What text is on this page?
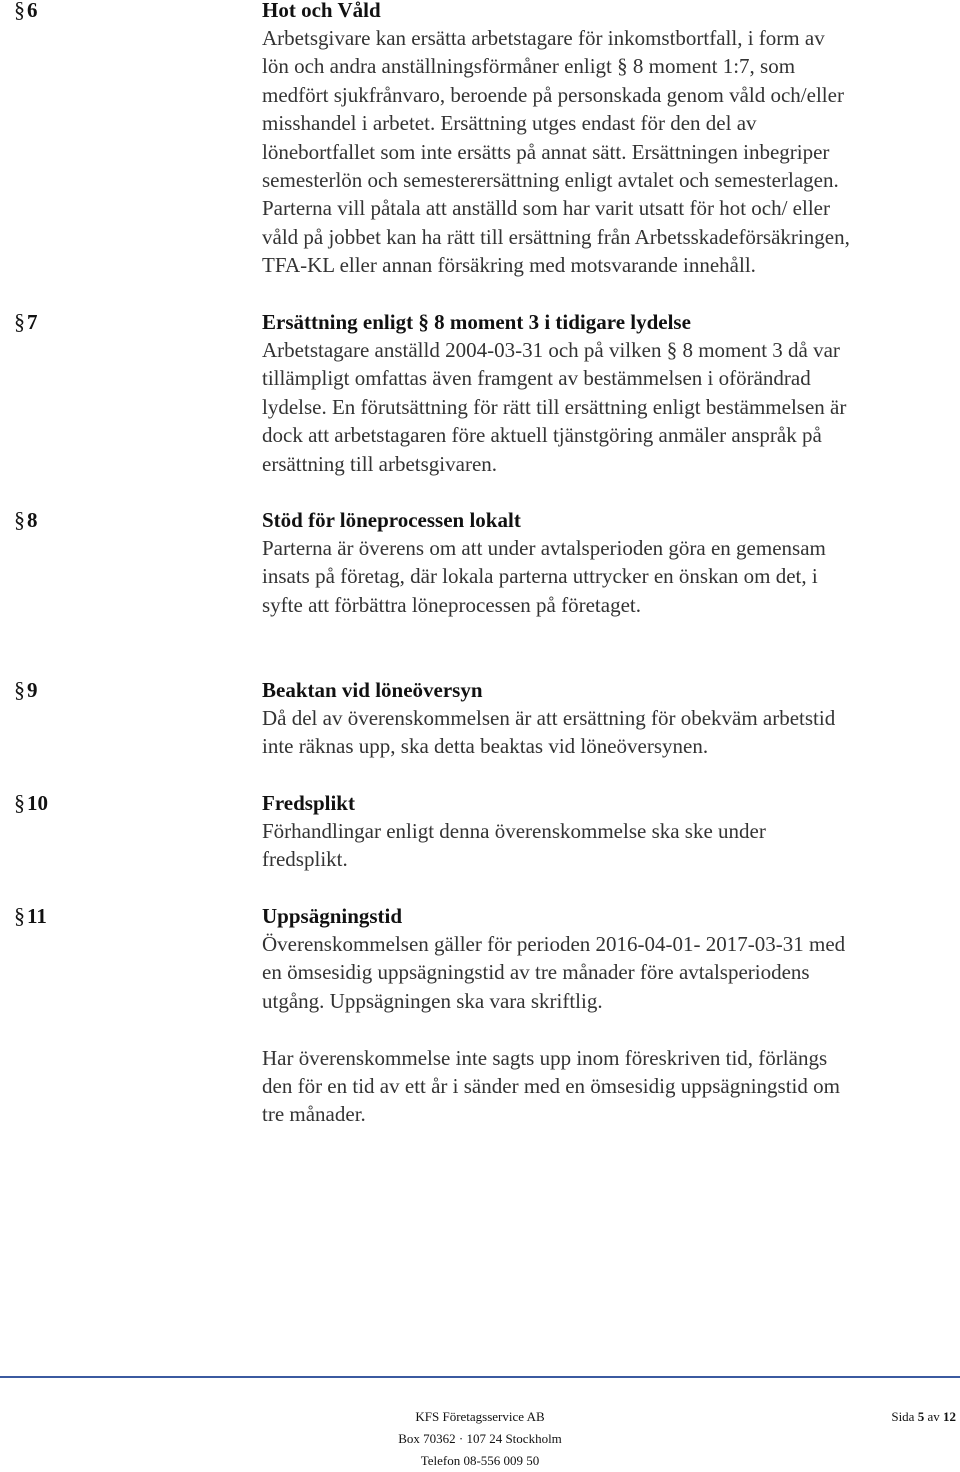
§6	Hot och Våld
Arbetsgivare kan ersätta arbetstagare för inkomstbortfall, i form av
lön och andra anställningsförmåner enligt § 8 moment 1:7, som
medfört sjukfrånvaro, beroende på personskada genom våld och/eller
misshandel i arbetet. Ersättning utges endast för den del av
lönebortfallet som inte ersätts på annat sätt. Ersättningen inbegriper
semesterlön och semesterersättning enligt avtalet och semesterlagen.
Parterna vill påtala att anställd som har varit utsatt för hot och/ eller
våld på jobbet kan ha rätt till ersättning från Arbetsskadeförsäkringen,
TFA-KL eller annan försäkring med motsvarande innehåll.
§7	Ersättning enligt § 8 moment 3 i tidigare lydelse
Arbetstagare anställd 2004-03-31 och på vilken § 8 moment 3 då var
tillämpligt omfattas även framgent av bestämmelsen i oförändrad
lydelse. En förutsättning för rätt till ersättning enligt bestämmelsen är
dock att arbetstagaren före aktuell tjänstgöring anmäler anspråk på
ersättning till arbetsgivaren.
§8	Stöd för löneprocessen lokalt
Parterna är överens om att under avtalsperioden göra en gemensam
insats på företag, där lokala parterna uttrycker en önskan om det, i
syfte att förbättra löneprocessen på företaget.
§9	Beaktan vid löneöversyn
Då del av överenskommelsen är att ersättning för obekväm arbetstid
inte räknas upp, ska detta beaktas vid löneöversynen.
§10	Fredsplikt
Förhandlingar enligt denna överenskommelse ska ske under
fredsplikt.
§11	Uppsägningstid
Överenskommelsen gäller för perioden 2016-04-01- 2017-03-31 med
en ömsesidig uppsägningstid av tre månader före avtalsperiodens
utgång. Uppsägningen ska vara skriftlig.
Har överenskommelse inte sagts upp inom föreskriven tid, förlängs
den för en tid av ett år i sänder med en ömsesidig uppsägningstid om
tre månader.
KFS Företagsservice AB
Box 70362 · 107 24 Stockholm
Telefon 08-556 009 50
Sida 5 av 12
